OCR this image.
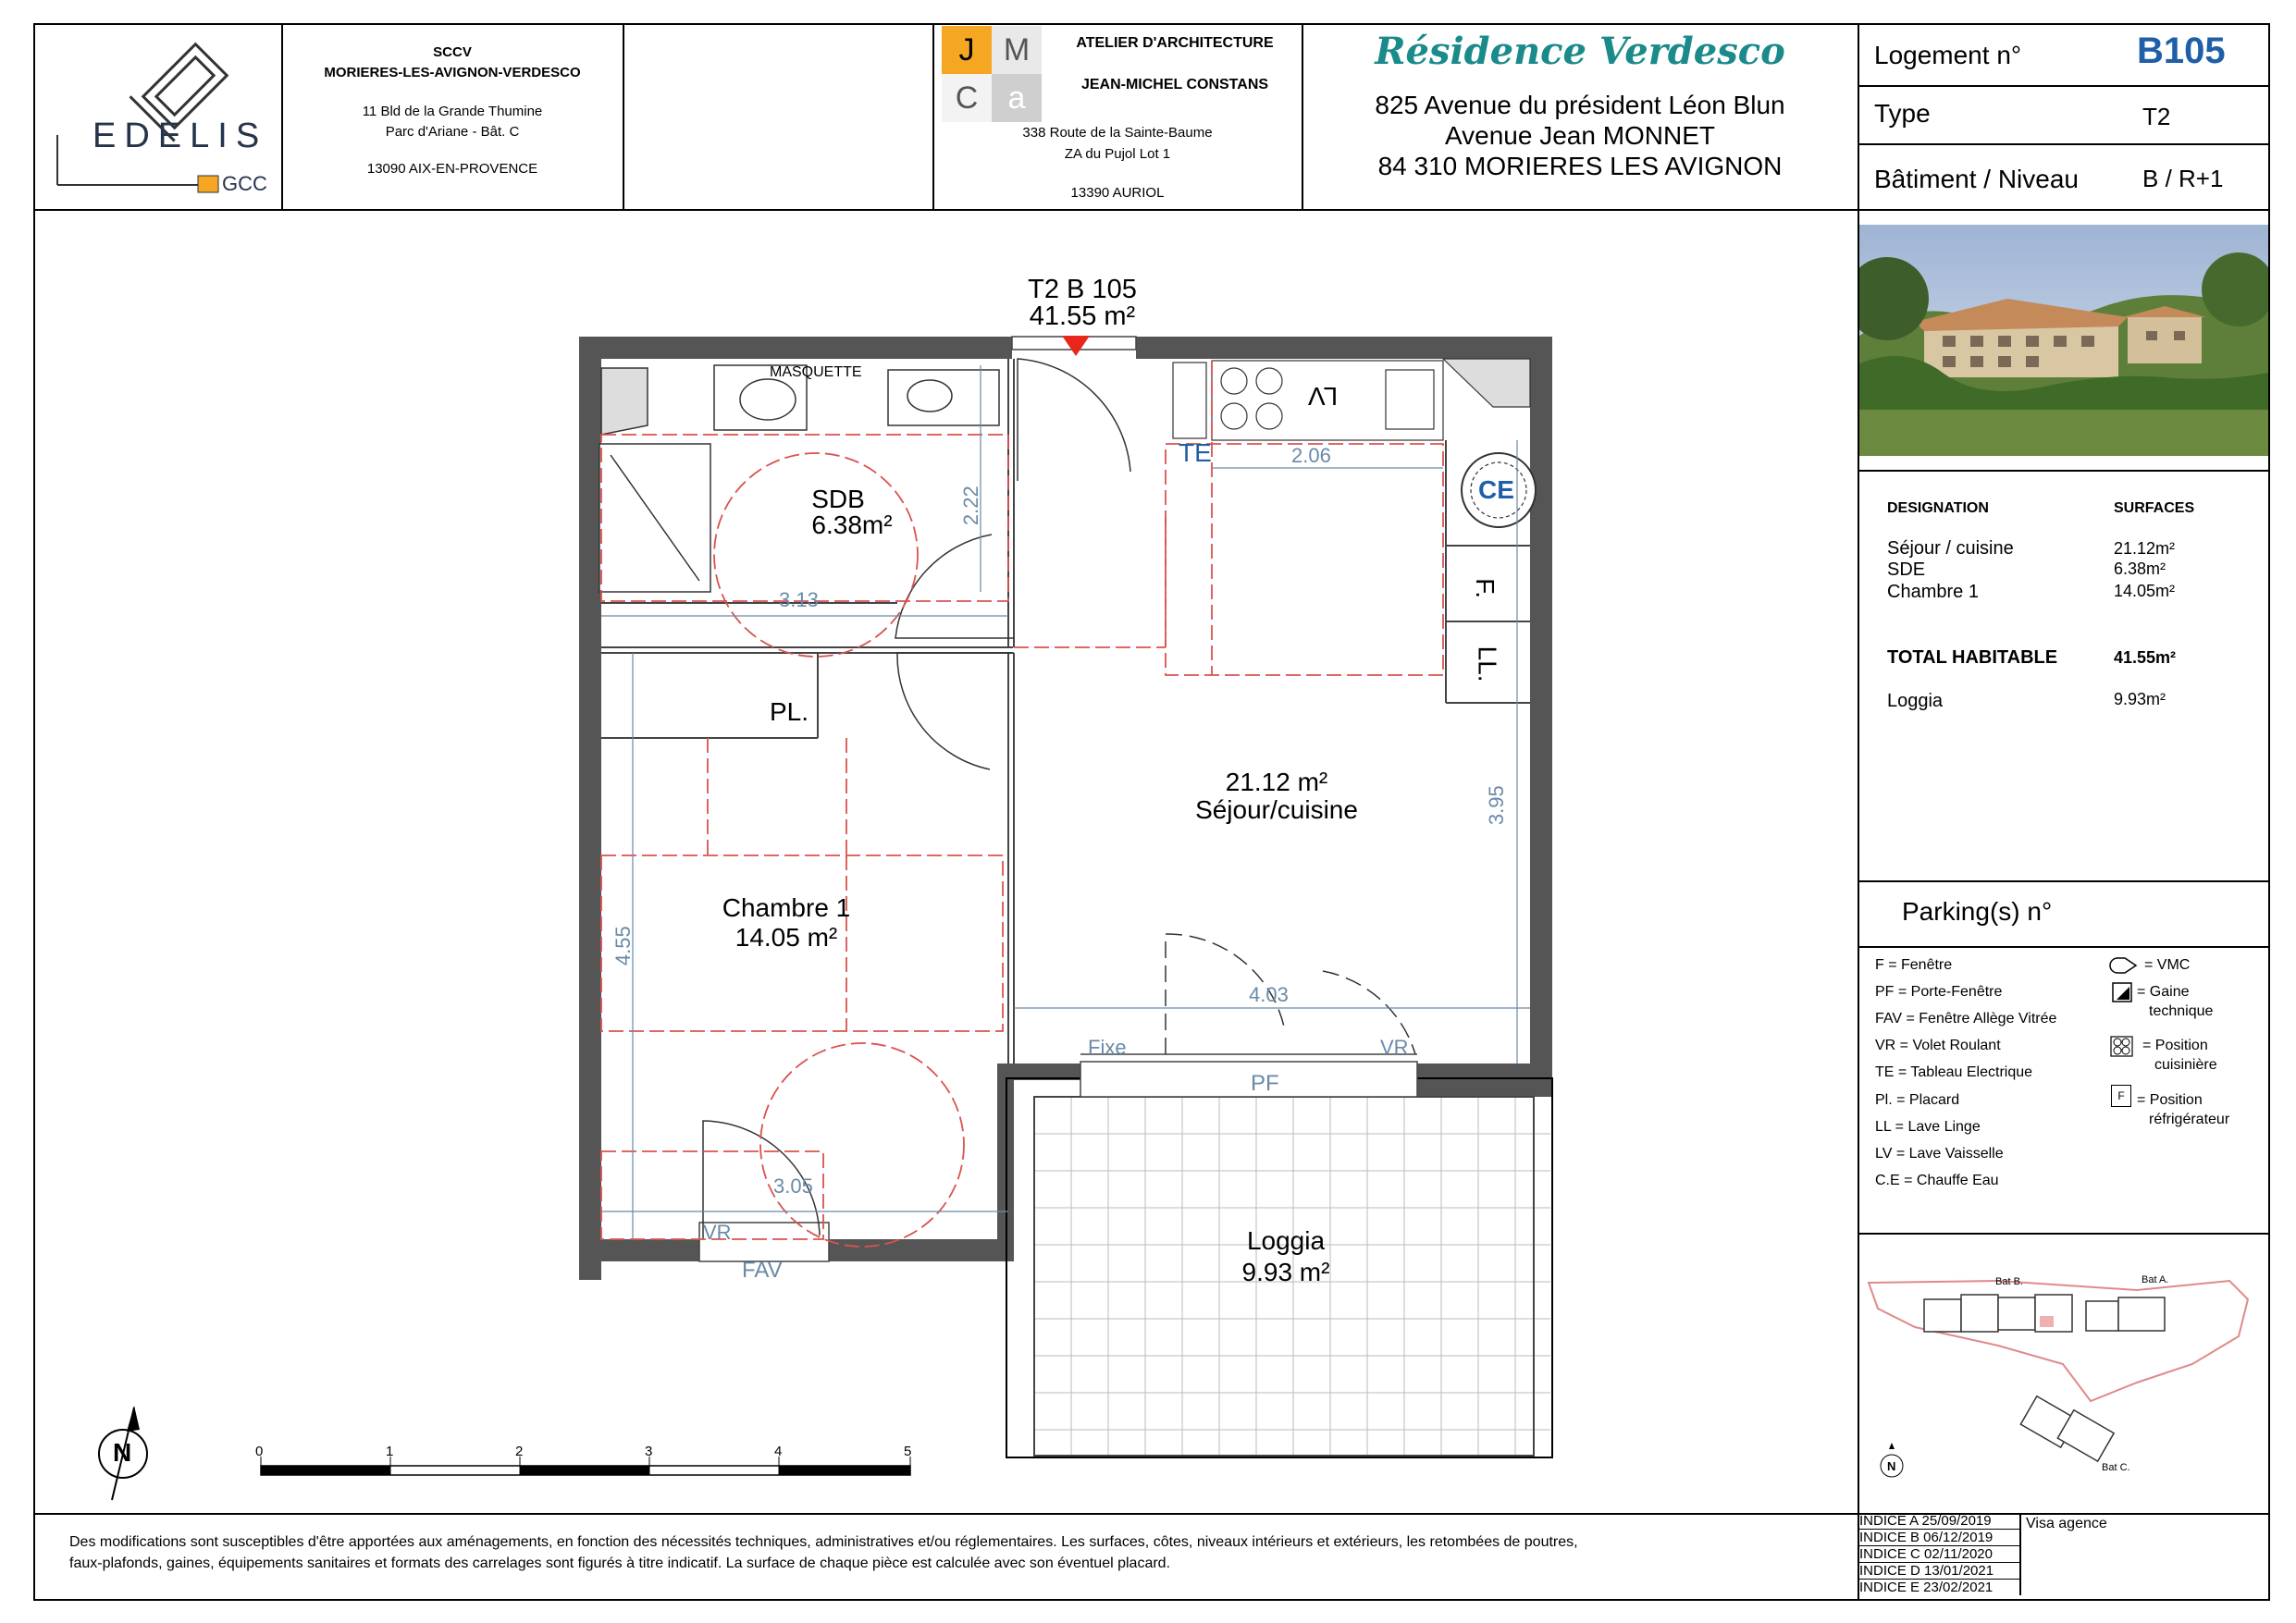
EDELIS
GCC
SCCV
MORIERES-LES-AVIGNON-VERDESCO
11 Bld de la Grande Thumine
Parc d'Ariane - Bât. C
13090 AIX-EN-PROVENCE
J M
C a
ATELIER D'ARCHITECTURE
JEAN-MICHEL CONSTANS
338 Route de la Sainte-Baume
ZA du Pujol Lot 1
13390 AURIOL
Résidence Verdesco
825 Avenue du président Léon Blun
Avenue Jean MONNET
84 310 MORIERES LES AVIGNON
Logement n°	B105
Type	T2
Bâtiment / Niveau	B / R+1
DESIGNATION	SURFACES
Séjour / cuisine	21.12m²
SDE	6.38m²
Chambre 1	14.05m²
TOTAL HABITABLE	41.55m²
Loggia	9.93m²
Parking(s) n°
F = Fenêtre
PF = Porte-Fenêtre
FAV = Fenêtre Allège Vitrée
VR = Volet Roulant
TE = Tableau Electrique
Pl. = Placard
LL = Lave Linge
LV = Lave Vaisselle
C.E = Chauffe Eau
= VMC
= Gaine
technique
= Position
cuisinière
F = Position
réfrigérateur
Bat B.	Bat A.
Bat C.
N
Des modifications sont susceptibles d'être apportées aux aménagements, en fonction des nécessités techniques, administratives et/ou réglementaires. Les surfaces, côtes, niveaux intérieurs et extérieurs, les retombées de poutres,
faux-plafonds, gaines, équipements sanitaires et formats des carrelages sont figurés à titre indicatif. La surface de chaque pièce est calculée avec son éventuel placard.
INDICE A 25/09/2019
INDICE B 06/12/2019
INDICE C 02/11/2020
INDICE D 13/01/2021
INDICE E 23/02/2021
Visa agence
T2 B 105
41.55 m²
MASQUETTE
SDB
6.38m²
TE
CE
F.
LL.
LV
PL.
21.12 m²
Séjour/cuisine
Chambre 1
14.05 m²
Loggia
9.93 m²
Fixe	VR
PF
VR
FAV
2.06
2.22
3.13
3.95
4.55
4.03
3.05
0	1	2	3	4	5
N
